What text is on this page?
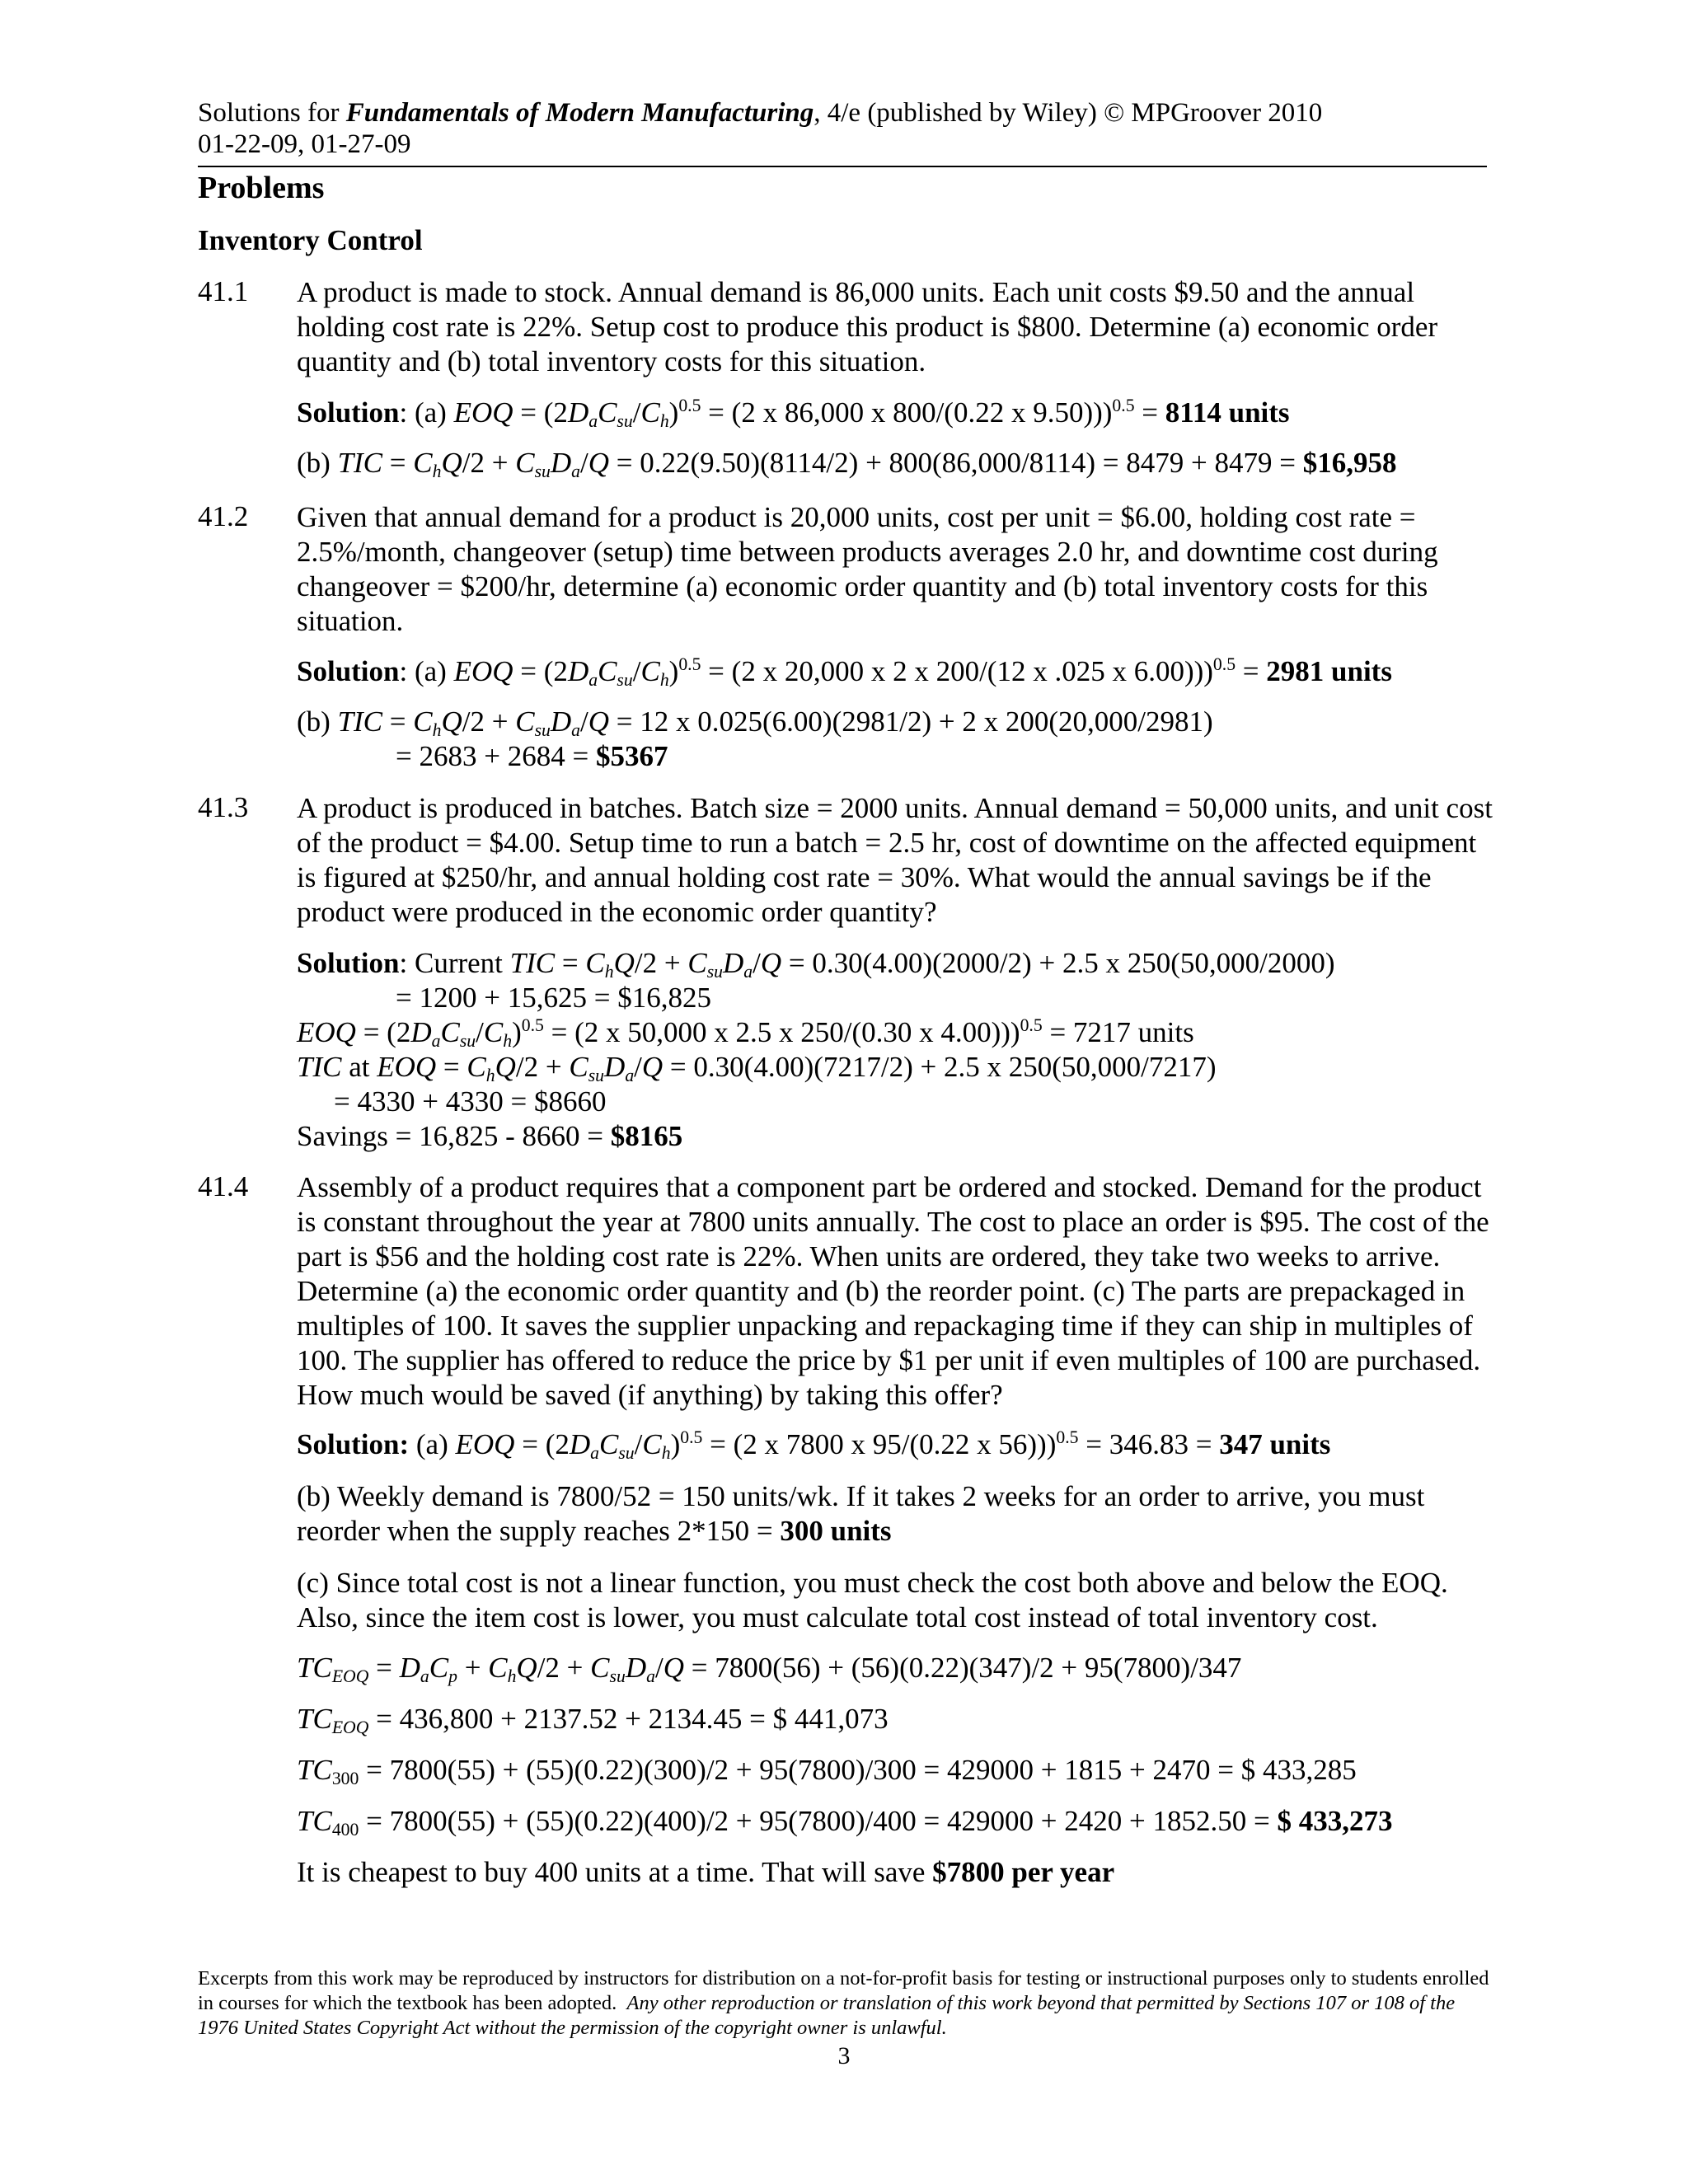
Solutions for Fundamentals of Modern Manufacturing, 4/e (published by Wiley) © MPGroover 2010
01-22-09, 01-27-09
Problems
Inventory Control
41.1 A product is made to stock. Annual demand is 86,000 units. Each unit costs $9.50 and the annual holding cost rate is 22%. Setup cost to produce this product is $800. Determine (a) economic order quantity and (b) total inventory costs for this situation.
Solution: (a) EOQ = $(2D_aC_{su}/C_h)^{0.5} = (2$ x 86,000 x 800/(0.22 x 9.50)))$^{0.5}$ = 8114 units
(b) TIC = $C_hQ/2 + C_{su}D_a/Q = 0.22(9.50)(8114/2) + 800(86,000/8114) = 8479 + 8479$ = $16,958
41.2 Given that annual demand for a product is 20,000 units, cost per unit = $6.00, holding cost rate = 2.5%/month, changeover (setup) time between products averages 2.0 hr, and downtime cost during changeover = $200/hr, determine (a) economic order quantity and (b) total inventory costs for this situation.
Solution: (a) EOQ = $(2D_aC_{su}/C_h)^{0.5} = (2$ x 20,000 x 2 x 200/(12 x .025 x 6.00)))$^{0.5}$ = 2981 units
(b) TIC = $C_hQ/2 + C_{su}D_a/Q = 12$ x 0.025(6.00)(2981/2) + 2 x 200(20,000/2981)
= 2683 + 2684 = $5367
41.3 A product is produced in batches. Batch size = 2000 units. Annual demand = 50,000 units, and unit cost of the product = $4.00. Setup time to run a batch = 2.5 hr, cost of downtime on the affected equipment is figured at $250/hr, and annual holding cost rate = 30%. What would the annual savings be if the product were produced in the economic order quantity?
Solution: Current TIC = $C_hQ/2 + C_{su}D_a/Q = 0.30(4.00)(2000/2) + 2.5$ x 250(50,000/2000)
= 1200 + 15,625 = $16,825
EOQ = $(2D_aC_{su}/C_h)^{0.5} = (2$ x 50,000 x 2.5 x 250/(0.30 x 4.00)))$^{0.5}$ = 7217 units
TIC at EOQ = $C_hQ/2 + C_{su}D_a/Q = 0.30(4.00)(7217/2) + 2.5$ x 250(50,000/7217)
= 4330 + 4330 = $8660
Savings = 16,825 - 8660 = $8165
41.4 Assembly of a product requires that a component part be ordered and stocked. Demand for the product is constant throughout the year at 7800 units annually. The cost to place an order is $95. The cost of the part is $56 and the holding cost rate is 22%. When units are ordered, they take two weeks to arrive. Determine (a) the economic order quantity and (b) the reorder point. (c) The parts are prepackaged in multiples of 100. It saves the supplier unpacking and repackaging time if they can ship in multiples of 100. The supplier has offered to reduce the price by $1 per unit if even multiples of 100 are purchased. How much would be saved (if anything) by taking this offer?
Solution: (a) EOQ = $(2D_aC_{su}/C_h)^{0.5} = (2$ x 7800 x 95/(0.22 x 56)))$^{0.5}$ = 346.83 = 347 units
(b) Weekly demand is 7800/52 = 150 units/wk. If it takes 2 weeks for an order to arrive, you must reorder when the supply reaches 2*150 = 300 units
(c) Since total cost is not a linear function, you must check the cost both above and below the EOQ. Also, since the item cost is lower, you must calculate total cost instead of total inventory cost.
$TC_{EOQ} = D_aC_p + C_hQ/2 + C_{su}D_a/Q = 7800(56) + (56)(0.22)(347)/2 + 95(7800)/347$
$TC_{EOQ} = 436,800 + 2137.52 + 2134.45$ = $ 441,073
$TC_{300} = 7800(55) + (55)(0.22)(300)/2 + 95(7800)/300 = 429000 + 1815 + 2470$ = $ 433,285
$TC_{400} = 7800(55) + (55)(0.22)(400)/2 + 95(7800)/400 = 429000 + 2420 + 1852.50$ = $ 433,273
It is cheapest to buy 400 units at a time. That will save $7800 per year
Excerpts from this work may be reproduced by instructors for distribution on a not-for-profit basis for testing or instructional purposes only to students enrolled in courses for which the textbook has been adopted. Any other reproduction or translation of this work beyond that permitted by Sections 107 or 108 of the 1976 United States Copyright Act without the permission of the copyright owner is unlawful.
3
